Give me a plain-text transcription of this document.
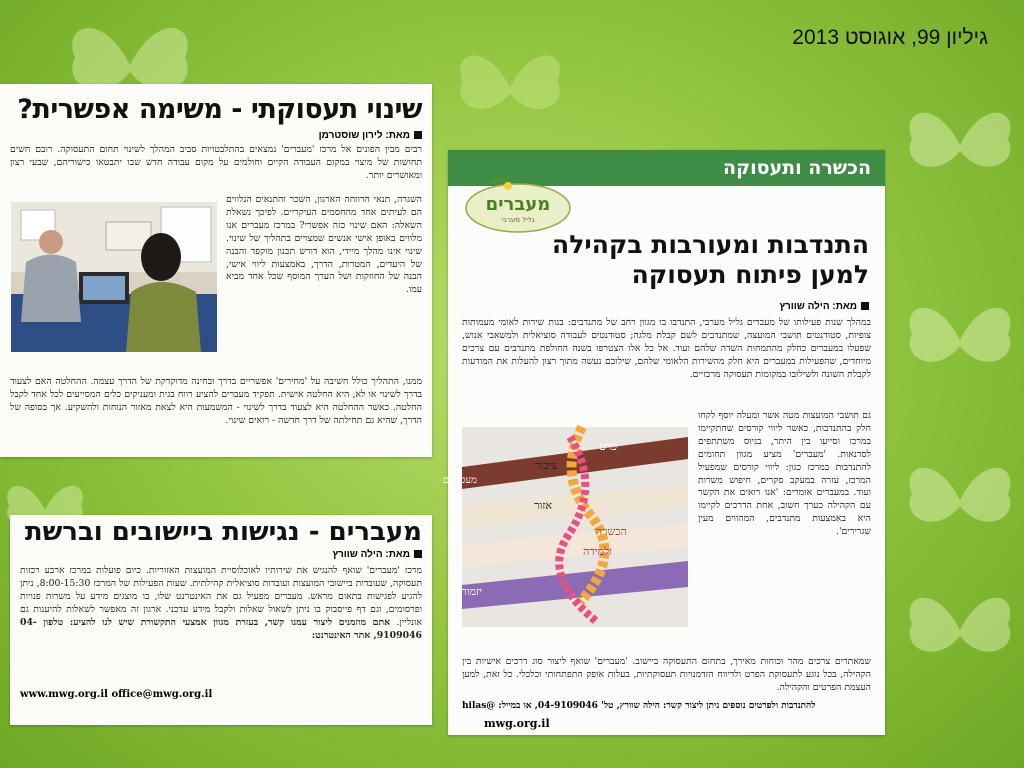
גיליון 99, אוגוסט 2013
שינוי תעסוקתי - משימה אפשרית?
מאת: לירון שוסטרמן

רבים מבין הפונים אל מרכז 'מעברים' נמצאים בהתלבטויות סביב המהלך לשינוי תחום התעסוקה. רובם חשים תחושות של מיצוי במקום העבודה הקיים וחולמים על מקום עבודה חדש שבו יתבטאו כישוריהם, שבעי רצון ומאושרים יותר.

השגרה, תנאי הרווחה הארגון, השכר והתנאים הנלווים הם לעיתים אחד מהחסמים העיקריים. לפיכך נשאלת השאלה: האם שינוי כזה אפשרי? במרכז מעברים אנו מלווים באופן אישי אנשים שמצויים בתהליך של שינוי. שינוי אינו מהלך מיידי, הוא דורש תכנון מוקפד והבנה של היעדים, המטרות, הדרך, באמצעות ליווי אישי, הבנה של החוזקות ושל הערך המוסף שכל אחד מביא עמו.

ממנו, התהליך כולל חשיבה על 'מחירים' אפשריים בדרך ובחינה מדוקדקת של הדרך עצמה. ההחלטה האם לצעוד בדרך לשינוי או לא, היא החלטה אישית. תפקיד מעברים להציע רווח בגית ומעניקים כלים המסייעים לכל אחד לקבל החלטה. כאשר ההחלטה היא לצעוד בדרך לשינוי - המשמעות היא לצאת מאזור הנוחות ולהשקיע. אך בסופה של הדרך, שהיא גם תחילתה של דרך חדשה - רואים שינוי.

מעברים - נגישות ביישובים וברשת
מאת: הילה שוורץ

מרכז 'מעברים' שואף להנגיש את שירותיו לאוכלוסיית המועצות האזוריות. כיום פועלות במרכז ארבע רכזות תעסוקה, שעובדות ביישובי המועצות ועובדות סוציאלית קהילתית. שעות הפעילות של המרכז 8:00-15:30, ניתן להגיע לפגישות בתאום מראש. מעברים מפעיל גם את האינטרנט שלו, בו מוצגים מידע על משרות פנויות ופרסומים, וגם דף פייסבוק בו ניתן לשאול שאלות ולקבל מידע עדכני. ארגון זה מאפשר לשאלות להיענות גם אונליין. אתם מוזמנים ליצור עמנו קשר, בעזרת מגוון אמצעי התקשורת שיש לנו להציע: טלפון 04-9109046, אתר האינטרנט:

www.mwg.org.il office@mwg.org.il
הכשרה ותעסוקה
מעברים
גליל מערבי
התנדבות ומעורבות בקהילה
למען פיתוח תעסוקה
מאת: הילה שוורץ

במהלך שנות פעילותו של מעברים גליל מערבי, התנדבו בו מגוון רחב של מתנדבים: בנות שירות לאומי מעמותות צופיות, סטודנטים תושבי המועצה, שמתנדבים לשם קבלת מלגה; סטודנטים לעבודה סוציאלית ולמשאבי אנוש, שפעלו במעברים כחלק מהתמחות השדה שלהם ועוד. אל כל אלו הצטרפו בשנה החולפת מתנדבים עם צרכים מיוחדים, שהפעילות במעברים היא חלק מהשירות הלאומי שלהם, שילובם נעשה מתוך רצון להעלות את המודעות לקבלת השונה ולשילובו במקומות תעסוקה מרכזיים.

גם תושבי המועצות מטה אשר ומעלה יוסף לקחו חלק בהתנדבות, כאשר ליווי קורסים שהתקיימו במרכז וסייעו בין היתר, בגיוס משתתפים לסדנאות. 'מעברים' מציע מגוון תחומים להתנדבות במרכז כגון: ליווי קורסים שמפעיל המרכז, עזרה במעקב סקרים, חיפוש משרות ועוד. במעברים אומרים: 'אנו רואים את הקשר עם הקהילה כערך חשוב, אחת הדרכים לקיימו היא באמצעות מתנדבים, המהווים מעין שגרירים'.

פרט
ציבור
מעסיקים
אזור
הכשרה
ולמידה
יזמות

שמאתרים צרכים מהר וכוחות מאירך, בתחום התעסוקה ביישוב. 'מעברים' שואף ליצור סוג דרכים אישיות בין הקהילה, בכל נוגע לתעסוקת הפרט ולדיווח הזדמנויות תעסוקתיות, בעלות אופק התפתחותי וכלכלי. כל זאת, למען העצמת הפרטים והקהילה.

hilas@ :להתנדבות ולפרטים נוספים ניתן ליצור קשר: הילה שוורץ, טל' 04-9109046, או במייל
mwg.org.il
